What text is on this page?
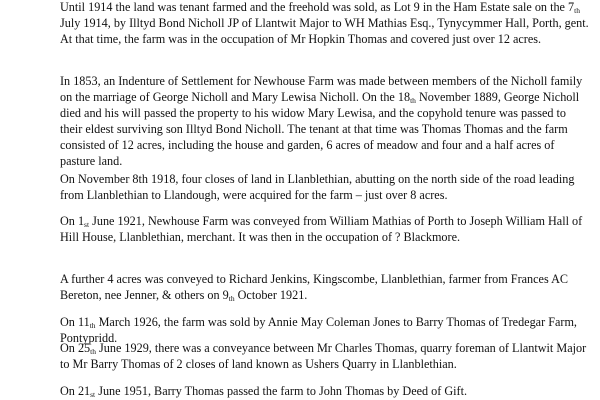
Until 1914 the land was tenant farmed and the freehold was sold, as Lot 9 in the Ham Estate sale on the 7th July 1914, by Illtyd Bond Nicholl JP of Llantwit Major to WH Mathias Esq., Tynycymmer Hall, Porth, gent. At that time, the farm was in the occupation of Mr Hopkin Thomas and covered just over 12 acres.

In 1853, an Indenture of Settlement for Newhouse Farm was made between members of the Nicholl family on the marriage of George Nicholl and Mary Lewisa Nicholl. On the 18th November 1889, George Nicholl died and his will passed the property to his widow Mary Lewisa, and the copyhold tenure was passed to their eldest surviving son Illtyd Bond Nicholl. The tenant at that time was Thomas Thomas and the farm consisted of 12 acres, including the house and garden, 6 acres of meadow and four and a half acres of pasture land.

On November 8th 1918, four closes of land in Llanblethian, abutting on the north side of the road leading from Llanblethian to Llandough, were acquired for the farm – just over 8 acres.

On 1st June 1921, Newhouse Farm was conveyed from William Mathias of Porth to Joseph William Hall of Hill House, Llanblethian, merchant. It was then in the occupation of ? Blackmore.

A further 4 acres was conveyed to Richard Jenkins, Kingscombe, Llanblethian, farmer from Frances AC Bereton, nee Jenner, & others on 9th October 1921.

On 11th March 1926, the farm was sold by Annie May Coleman Jones to Barry Thomas of Tredegar Farm, Pontypridd.

On 25th June 1929, there was a conveyance between Mr Charles Thomas, quarry foreman of Llantwit Major to Mr Barry Thomas of 2 closes of land known as Ushers Quarry in Llanblethian.

On 21st June 1951, Barry Thomas passed the farm to John Thomas by Deed of Gift.
